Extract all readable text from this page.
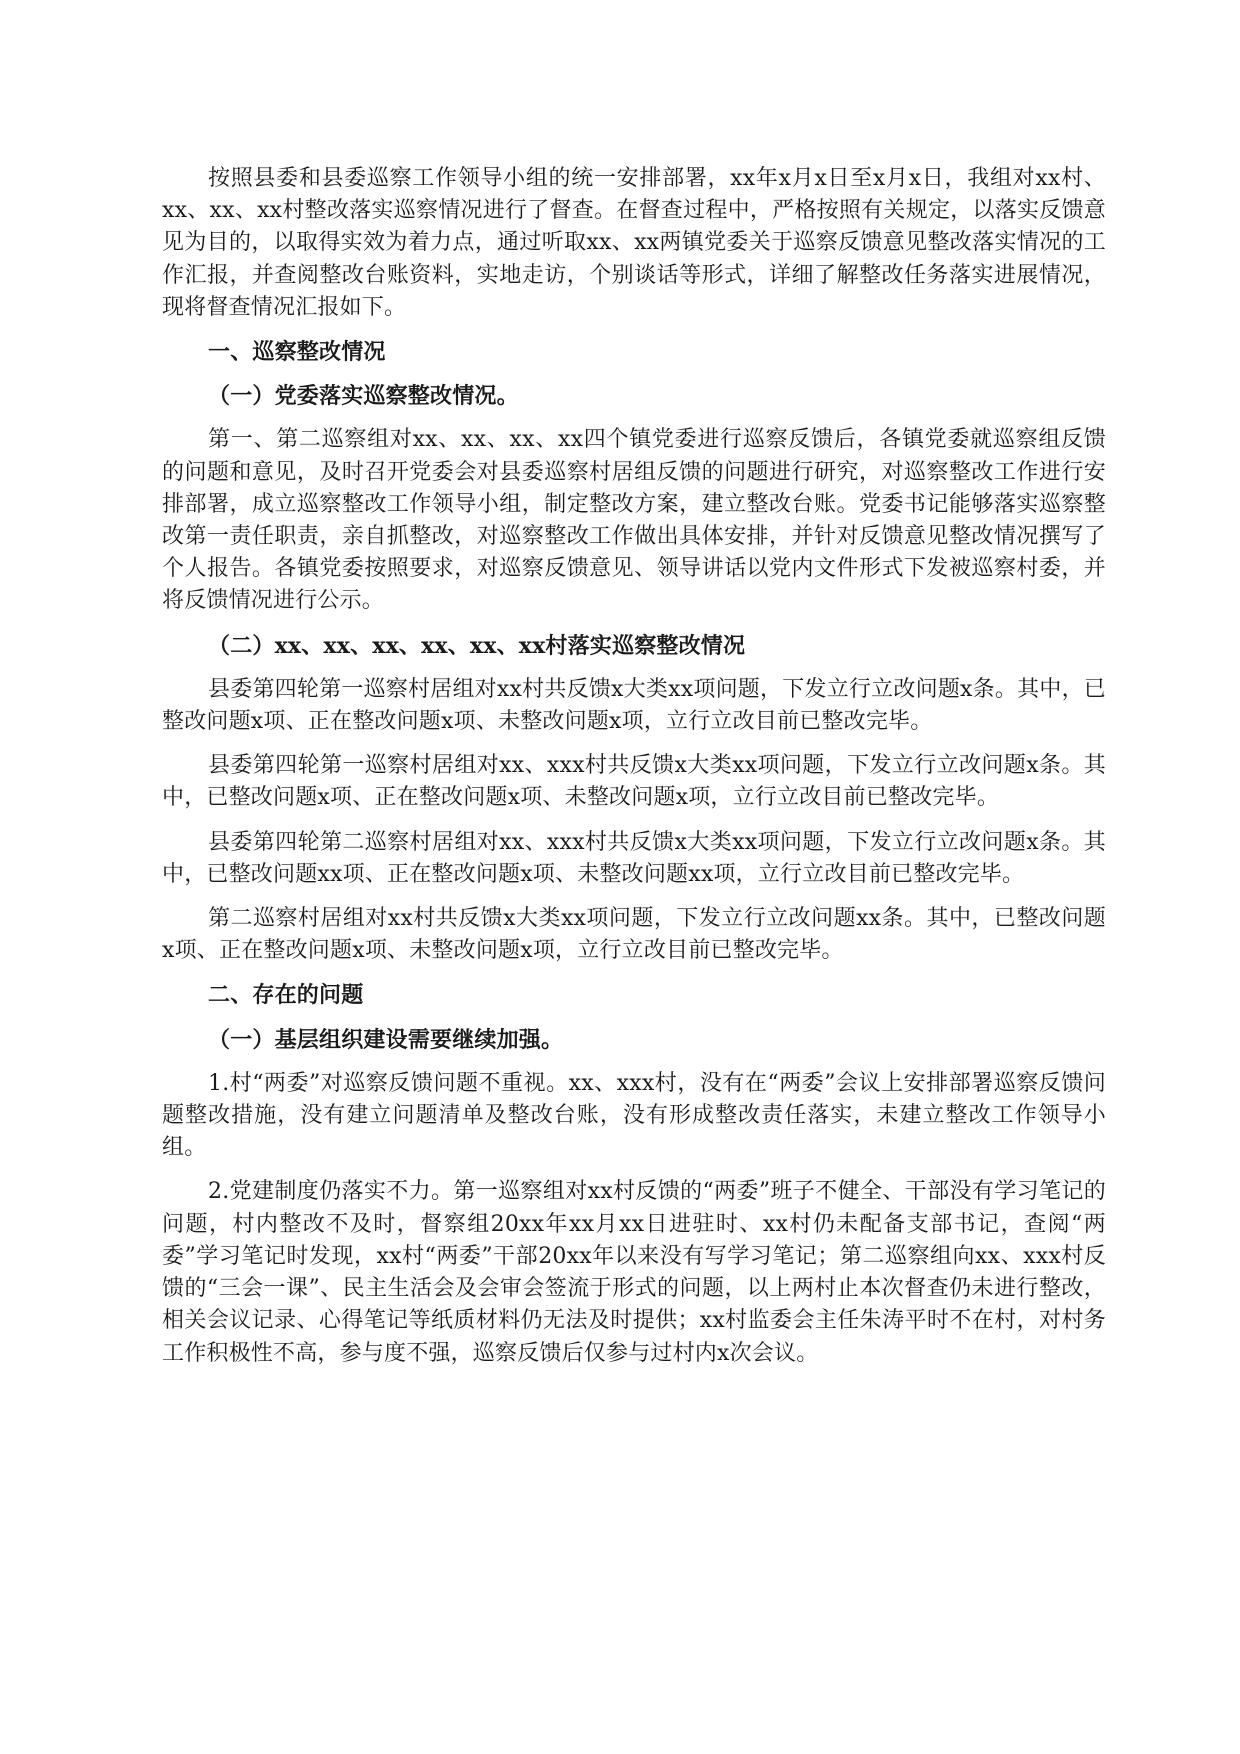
按照县委和县委巡察工作领导小组的统一安排部署，xx年x月x日至x月x日，我组对xx村、xx、xx、xx村整改落实巡察情况进行了督查。在督查过程中，严格按照有关规定，以落实反馈意见为目的，以取得实效为着力点，通过听取xx、xx两镇党委关于巡察反馈意见整改落实情况的工作汇报，并查阅整改台账资料，实地走访，个别谈话等形式，详细了解整改任务落实进展情况，现将督查情况汇报如下。

一、巡察整改情况

（一）党委落实巡察整改情况。

第一、第二巡察组对xx、xx、xx、xx四个镇党委进行巡察反馈后，各镇党委就巡察组反馈的问题和意见，及时召开党委会对县委巡察村居组反馈的问题进行研究，对巡察整改工作进行安排部署，成立巡察整改工作领导小组，制定整改方案，建立整改台账。党委书记能够落实巡察整改第一责任职责，亲自抓整改，对巡察整改工作做出具体安排，并针对反馈意见整改情况撰写了个人报告。各镇党委按照要求，对巡察反馈意见、领导讲话以党内文件形式下发被巡察村委，并将反馈情况进行公示。

（二）xx、xx、xx、xx、xx、xx村落实巡察整改情况

县委第四轮第一巡察村居组对xx村共反馈x大类xx项问题，下发立行立改问题x条。其中，已整改问题x项、正在整改问题x项、未整改问题x项，立行立改目前已整改完毕。

县委第四轮第一巡察村居组对xx、xxx村共反馈x大类xx项问题，下发立行立改问题x条。其中，已整改问题x项、正在整改问题x项、未整改问题x项，立行立改目前已整改完毕。

县委第四轮第二巡察村居组对xx、xxx村共反馈x大类xx项问题，下发立行立改问题x条。其中，已整改问题xx项、正在整改问题x项、未整改问题xx项，立行立改目前已整改完毕。

第二巡察村居组对xx村共反馈x大类xx项问题，下发立行立改问题xx条。其中，已整改问题x项、正在整改问题x项、未整改问题x项，立行立改目前已整改完毕。

二、存在的问题

（一）基层组织建设需要继续加强。

1.村“两委”对巡察反馈问题不重视。xx、xxx村，没有在“两委”会议上安排部署巡察反馈问题整改措施，没有建立问题清单及整改台账，没有形成整改责任落实，未建立整改工作领导小组。

2.党建制度仍落实不力。第一巡察组对xx村反馈的“两委”班子不健全、干部没有学习笔记的问题，村内整改不及时，督察组20xx年xx月xx日进驻时、xx村仍未配备支部书记，查阅“两委”学习笔记时发现，xx村“两委”干部20xx年以来没有写学习笔记；第二巡察组向xx、xxx村反馈的“三会一课”、民主生活会及会审会签流于形式的问题，以上两村止本次督查仍未进行整改，相关会议记录、心得笔记等纸质材料仍无法及时提供；xx村监委会主任朱涛平时不在村，对村务工作积极性不高，参与度不强，巡察反馈后仅参与过村内x次会议。
